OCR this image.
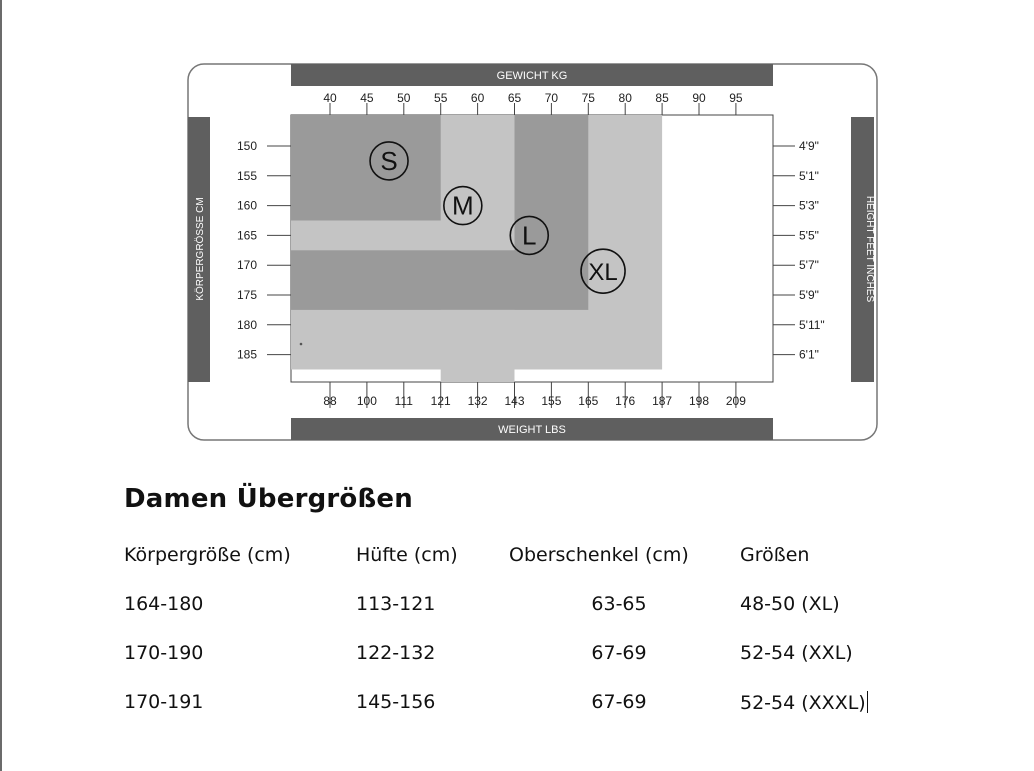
GEWICHT KG
WEIGHT LBS
KÖRPERGRÖSSE CM	HEIGHT FEET INCHES
S
M
L
XL
40 45 50 55 60 65 70 75 80 85 90 95
88 100 111 121 132 143 155 165 176 187 198 209
150
155
160
165
170
175
180
185
4'9"
5'1"
5'3"
5'5"
5'7"
5'9"
5'11"
6'1"
Damen Übergrößen
Körpergröße (cm)	Hüfte (cm)	Oberschenkel (cm)	Größen
164-180	113-121	63-65	48-50 (XL)
170-190	122-132	67-69	52-54 (XXL)
170-191	145-156	67-69	52-54 (XXXL)
